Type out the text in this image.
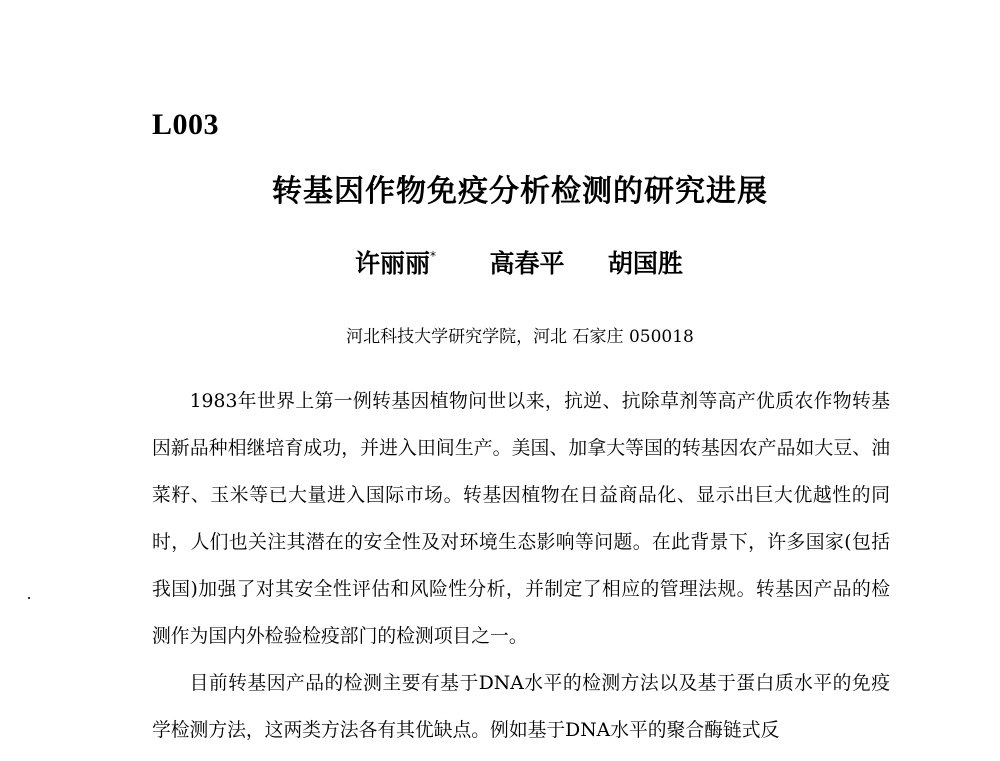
L003
转基因作物免疫分析检测的研究进展
许丽丽* 高春平 胡国胜
河北科技大学研究学院，河北 石家庄 050018

1983年世界上第一例转基因植物问世以来，抗逆、抗除草剂等高产优质农作物转基因新品种相继培育成功，并进入田间生产。美国、加拿大等国的转基因农产品如大豆、油菜籽、玉米等已大量进入国际市场。转基因植物在日益商品化、显示出巨大优越性的同时，人们也关注其潜在的安全性及对环境生态影响等问题。在此背景下，许多国家(包括我国)加强了对其安全性评估和风险性分析，并制定了相应的管理法规。转基因产品的检测作为国内外检验检疫部门的检测项目之一。

目前转基因产品的检测主要有基于DNA水平的检测方法以及基于蛋白质水平的免疫学检测方法，这两类方法各有其优缺点。例如基于DNA水平的聚合酶链式反
